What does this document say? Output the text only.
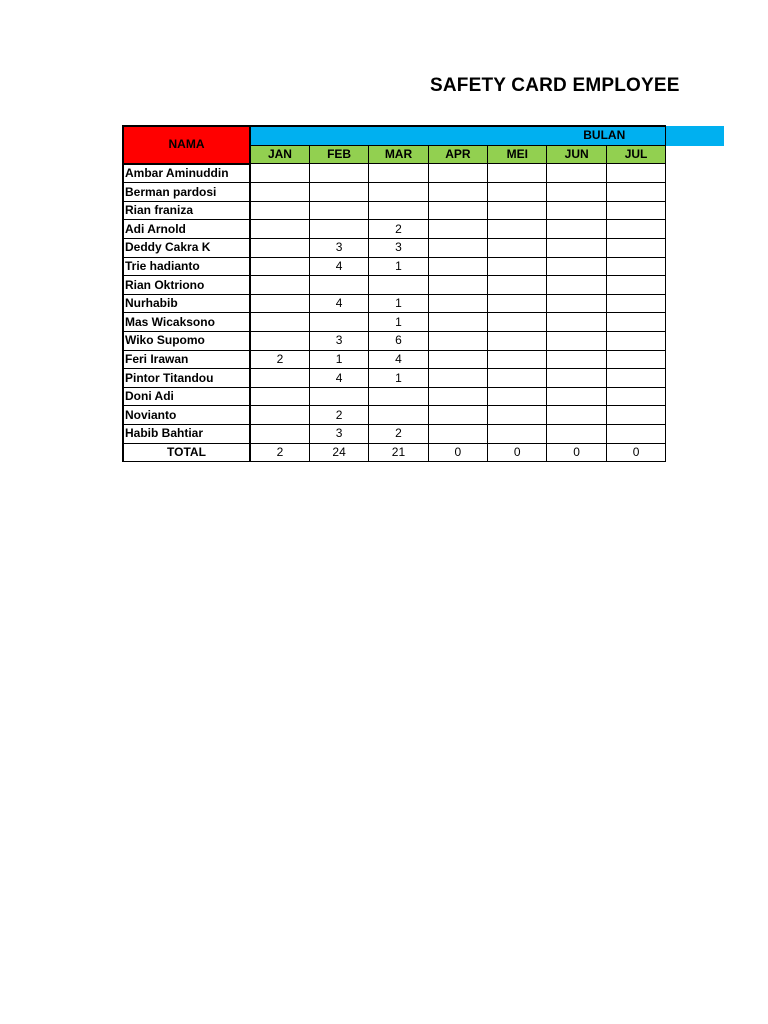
SAFETY CARD EMPLOYEE
NAMA	BULAN						
	JAN	FEB	MAR	APR	MEI	JUN	JUL
Ambar Aminuddin							
Berman pardosi							
Rian franiza							
Adi Arnold			2				
Deddy Cakra K		3	3				
Trie hadianto		4	1				
Rian Oktriono							
Nurhabib		4	1				
Mas Wicaksono			1				
Wiko Supomo		3	6				
Feri Irawan	2	1	4				
Pintor Titandou		4	1				
Doni Adi							
Novianto		2					
Habib Bahtiar		3	2				
TOTAL	2	24	21	0	0	0	0
